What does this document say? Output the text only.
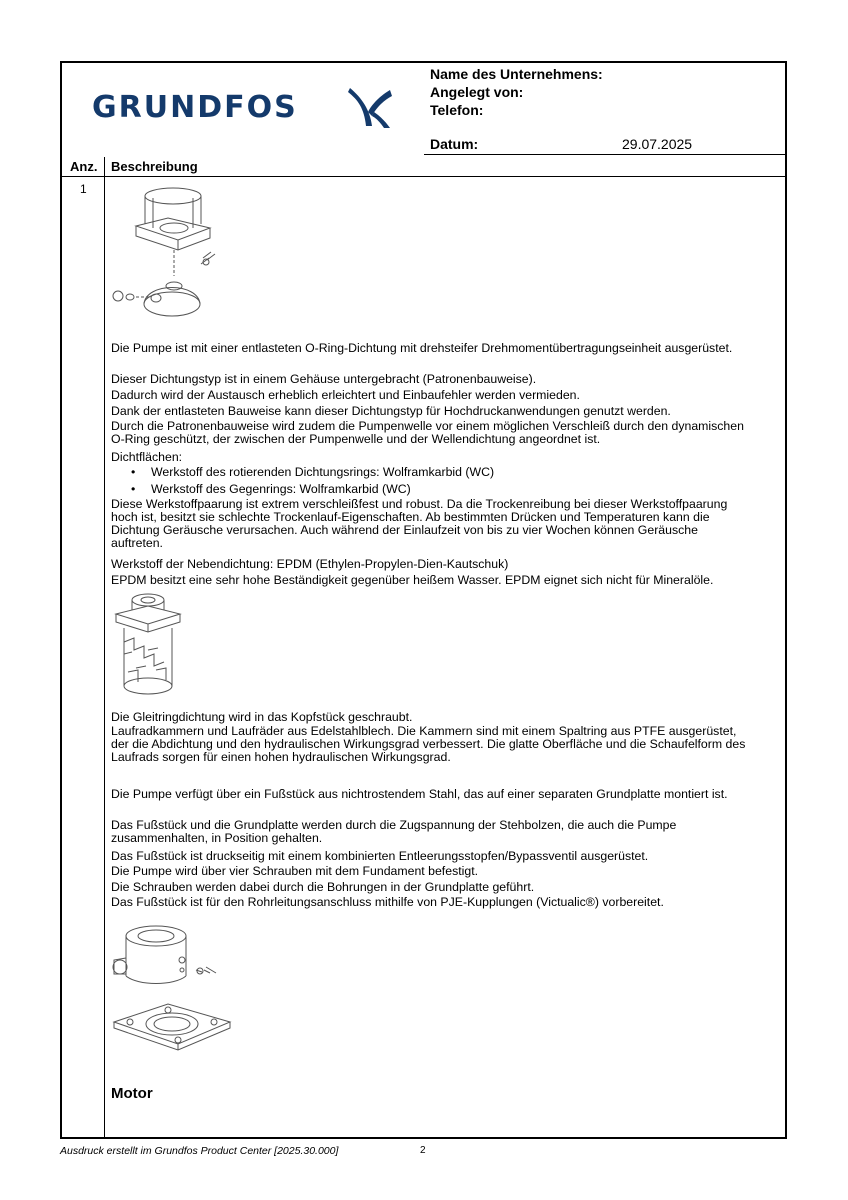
GRUNDFOS
Name des Unternehmens:
Angelegt von:
Telefon:
Datum:	29.07.2025
Anz. Beschreibung
1
Die Pumpe ist mit einer entlasteten O-Ring-Dichtung mit drehsteifer Drehmomentübertragungseinheit ausgerüstet.
Dieser Dichtungstyp ist in einem Gehäuse untergebracht (Patronenbauweise).
Dadurch wird der Austausch erheblich erleichtert und Einbaufehler werden vermieden.
Dank der entlasteten Bauweise kann dieser Dichtungstyp für Hochdruckanwendungen genutzt werden.
Durch die Patronenbauweise wird zudem die Pumpenwelle vor einem möglichen Verschleiß durch den dynamischen
O-Ring geschützt, der zwischen der Pumpenwelle und der Wellendichtung angeordnet ist.
Dichtflächen:
• Werkstoff des rotierenden Dichtungsrings: Wolframkarbid (WC)
• Werkstoff des Gegenrings: Wolframkarbid (WC)
Diese Werkstoffpaarung ist extrem verschleißfest und robust. Da die Trockenreibung bei dieser Werkstoffpaarung
hoch ist, besitzt sie schlechte Trockenlauf-Eigenschaften. Ab bestimmten Drücken und Temperaturen kann die
Dichtung Geräusche verursachen. Auch während der Einlaufzeit von bis zu vier Wochen können Geräusche
auftreten.
Werkstoff der Nebendichtung: EPDM (Ethylen-Propylen-Dien-Kautschuk)
EPDM besitzt eine sehr hohe Beständigkeit gegenüber heißem Wasser. EPDM eignet sich nicht für Mineralöle.
Die Gleitringdichtung wird in das Kopfstück geschraubt.
Laufradkammern und Laufräder aus Edelstahlblech. Die Kammern sind mit einem Spaltring aus PTFE ausgerüstet,
der die Abdichtung und den hydraulischen Wirkungsgrad verbessert. Die glatte Oberfläche und die Schaufelform des
Laufrads sorgen für einen hohen hydraulischen Wirkungsgrad.
Die Pumpe verfügt über ein Fußstück aus nichtrostendem Stahl, das auf einer separaten Grundplatte montiert ist.
Das Fußstück und die Grundplatte werden durch die Zugspannung der Stehbolzen, die auch die Pumpe
zusammenhalten, in Position gehalten.
Das Fußstück ist druckseitig mit einem kombinierten Entleerungsstopfen/Bypassventil ausgerüstet.
Die Pumpe wird über vier Schrauben mit dem Fundament befestigt.
Die Schrauben werden dabei durch die Bohrungen in der Grundplatte geführt.
Das Fußstück ist für den Rohrleitungsanschluss mithilfe von PJE-Kupplungen (Victualic®) vorbereitet.
Motor
Ausdruck erstellt im Grundfos Product Center [2025.30.000]	2
